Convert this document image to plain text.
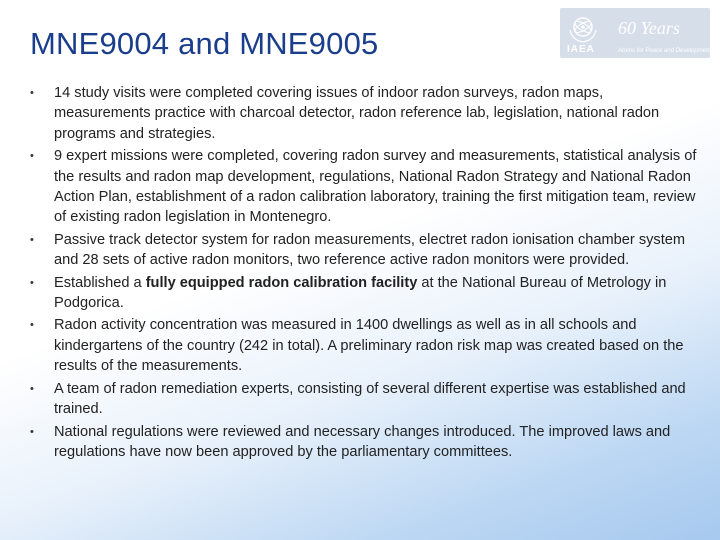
MNE9004 and MNE9005	IAEA
60 Years
Atoms for Peace and Development
• 14 study visits were completed covering issues of indoor radon surveys, radon maps, measurements practice with charcoal detector, radon reference lab, legislation, national radon programs and strategies.
• 9 expert missions were completed, covering radon survey and measurements, statistical analysis of the results and radon map development, regulations, National Radon Strategy and National Radon Action Plan, establishment of a radon calibration laboratory, training the first mitigation team, review of existing radon legislation in Montenegro.
• Passive track detector system for radon measurements, electret radon ionisation chamber system and 28 sets of active radon monitors, two reference active radon monitors were provided.
• Established a fully equipped radon calibration facility at the National Bureau of Metrology in Podgorica.
• Radon activity concentration was measured in 1400 dwellings as well as in all schools and kindergartens of the country (242 in total). A preliminary radon risk map was created based on the results of the measurements.
• A team of radon remediation experts, consisting of several different expertise was established and trained.
• National regulations were reviewed and necessary changes introduced. The improved laws and regulations have now been approved by the parliamentary committees.
